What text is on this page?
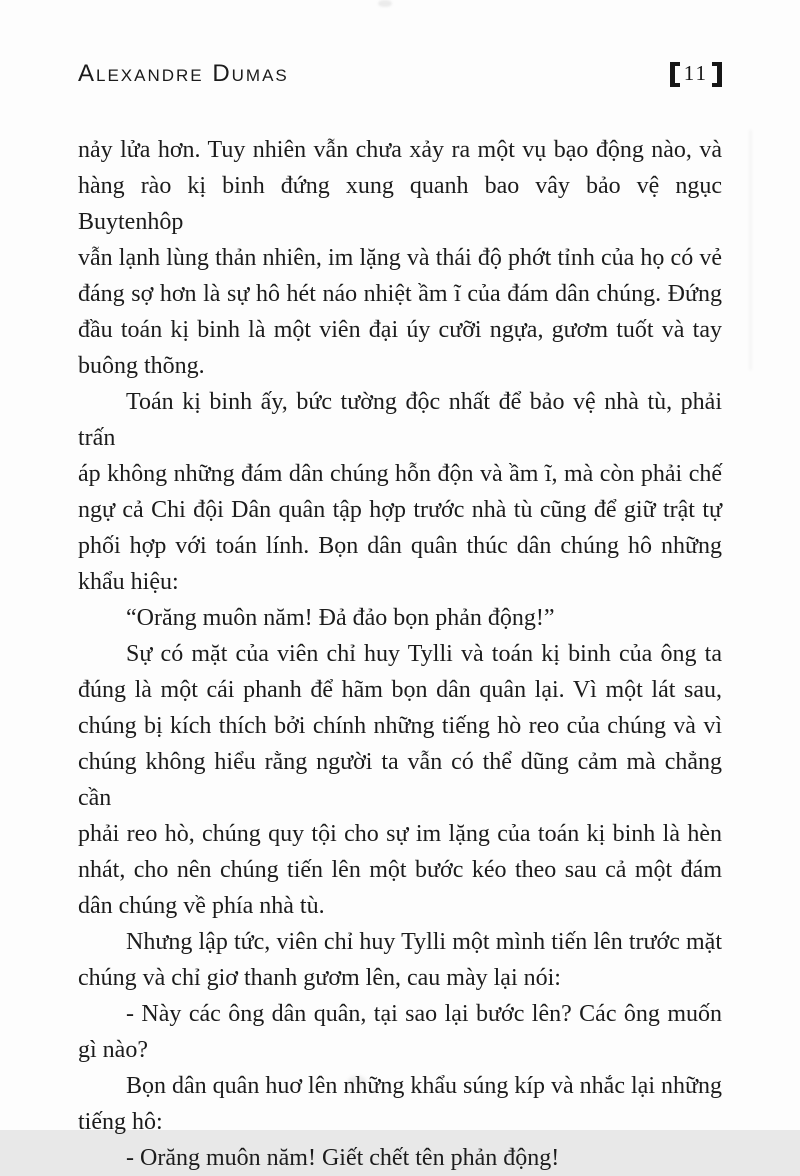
Alexandre Dumas	11
nảy lửa hơn. Tuy nhiên vẫn chưa xảy ra một vụ bạo động nào, và
hàng rào kị binh đứng xung quanh bao vây bảo vệ ngục Buytenhôp
vẫn lạnh lùng thản nhiên, im lặng và thái độ phớt tỉnh của họ có vẻ
đáng sợ hơn là sự hô hét náo nhiệt ầm ĩ của đám dân chúng. Đứng
đầu toán kị binh là một viên đại úy cưỡi ngựa, gươm tuốt và tay
buông thõng.
Toán kị binh ấy, bức tường độc nhất để bảo vệ nhà tù, phải trấn
áp không những đám dân chúng hỗn độn và ầm ĩ, mà còn phải chế
ngự cả Chi đội Dân quân tập hợp trước nhà tù cũng để giữ trật tự
phối hợp với toán lính. Bọn dân quân thúc dân chúng hô những
khẩu hiệu:
“Orăng muôn năm! Đả đảo bọn phản động!”
Sự có mặt của viên chỉ huy Tylli và toán kị binh của ông ta
đúng là một cái phanh để hãm bọn dân quân lại. Vì một lát sau,
chúng bị kích thích bởi chính những tiếng hò reo của chúng và vì
chúng không hiểu rằng người ta vẫn có thể dũng cảm mà chẳng cần
phải reo hò, chúng quy tội cho sự im lặng của toán kị binh là hèn
nhát, cho nên chúng tiến lên một bước kéo theo sau cả một đám
dân chúng về phía nhà tù.
Nhưng lập tức, viên chỉ huy Tylli một mình tiến lên trước mặt
chúng và chỉ giơ thanh gươm lên, cau mày lại nói:
- Này các ông dân quân, tại sao lại bước lên? Các ông muốn
gì nào?
Bọn dân quân huơ lên những khẩu súng kíp và nhắc lại những
tiếng hô:
- Orăng muôn năm! Giết chết tên phản động!
